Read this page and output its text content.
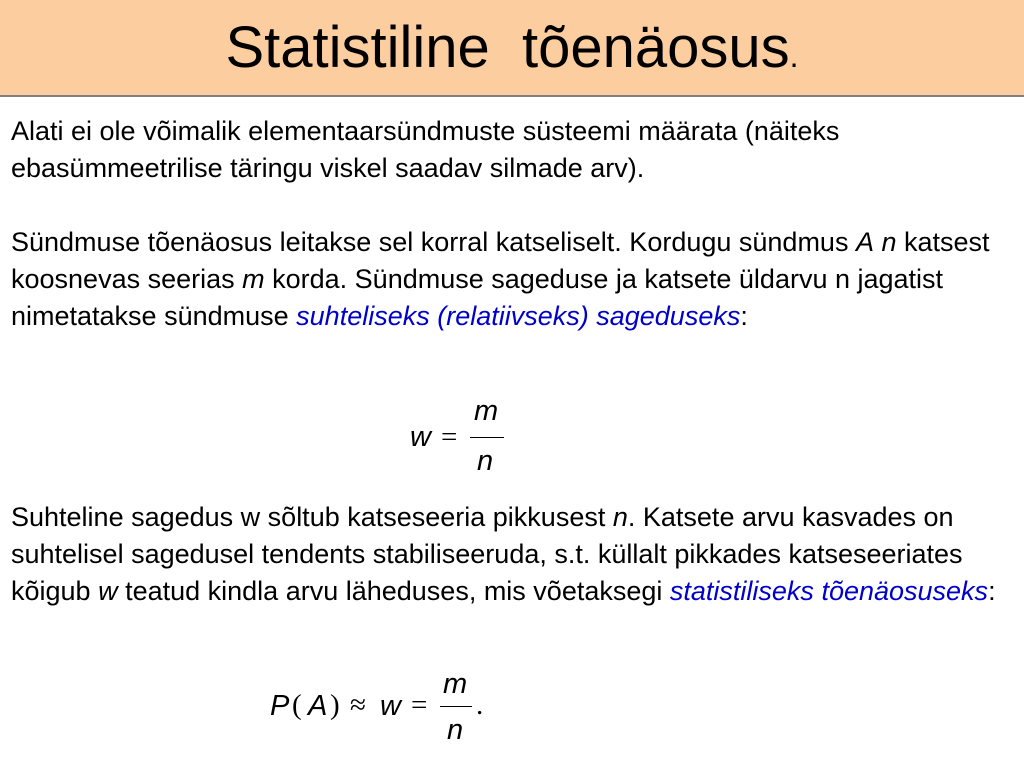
Statistiline  tõenäosus.
Alati ei ole võimalik elementaarsündmuste süsteemi määrata (näiteks ebasümmeetrilise täringu viskel saadav silmade arv).
Sündmuse tõenäosus leitakse sel korral katseliselt. Kordugu sündmus A n katsest koosnevas seerias m korda. Sündmuse sageduse ja katsete üldarvu n jagatist nimetatakse sündmuse suhteliseks (relatiivseks) sageduseks:
w =
m
n
Suhteline sagedus w sõltub katseseeria pikkusest n. Katsete arvu kasvades on suhtelisel sagedusel tendents stabiliseeruda, s.t. küllalt pikkades katseseeriates kõigub w teatud kindla arvu läheduses, mis võetaksegi statistiliseks tõenäosuseks:
P ( A ) ≈ w =
m
n
.
